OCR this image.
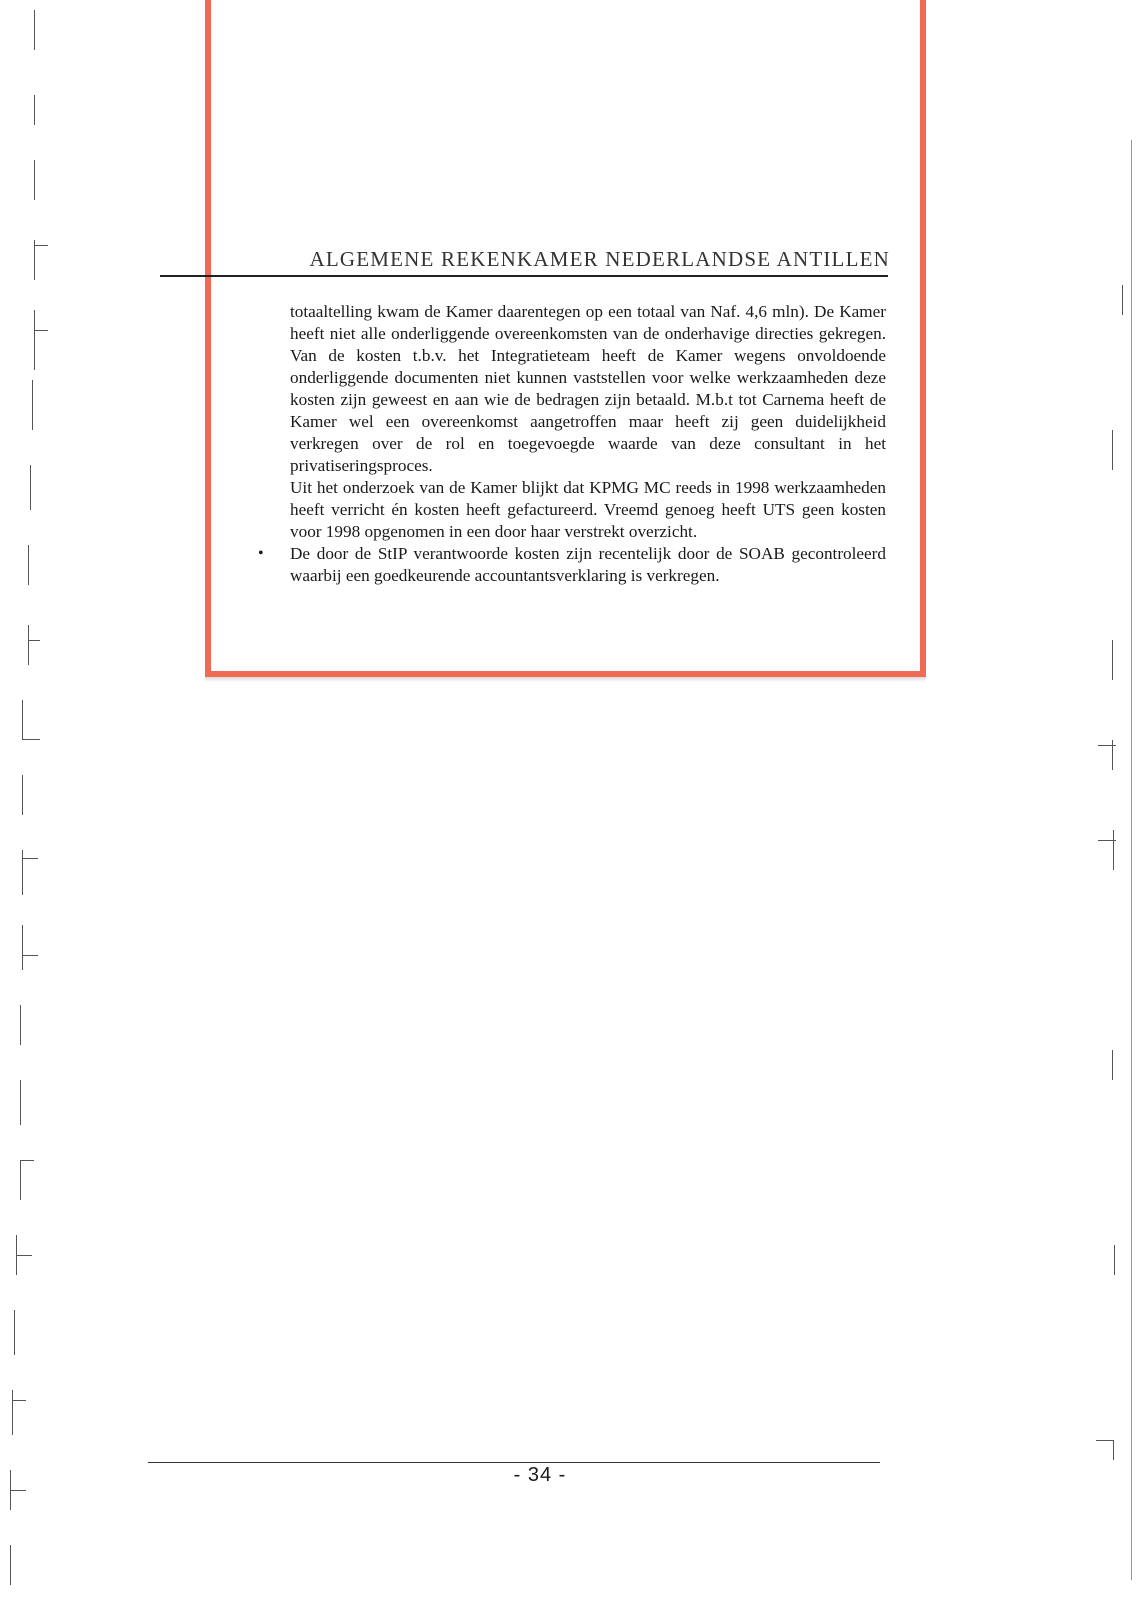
ALGEMENE REKENKAMER NEDERLANDSE ANTILLEN

totaaltelling kwam de Kamer daarentegen op een totaal van Naf. 4,6 mln). De Kamer heeft niet alle onderliggende overeenkomsten van de onderhavige directies gekregen. Van de kosten t.b.v. het Integratieteam heeft de Kamer wegens onvoldoende onderliggende documenten niet kunnen vaststellen voor welke werkzaamheden deze kosten zijn geweest en aan wie de bedragen zijn betaald. M.b.t tot Carnema heeft de Kamer wel een overeenkomst aangetroffen maar heeft zij geen duidelijkheid verkregen over de rol en toegevoegde waarde van deze consultant in het privatiseringsproces.

Uit het onderzoek van de Kamer blijkt dat KPMG MC reeds in 1998 werkzaamheden heeft verricht én kosten heeft gefactureerd. Vreemd genoeg heeft UTS geen kosten voor 1998 opgenomen in een door haar verstrekt overzicht.

• De door de StIP verantwoorde kosten zijn recentelijk door de SOAB gecontroleerd waarbij een goedkeurende accountantsverklaring is verkregen.
- 34 -
